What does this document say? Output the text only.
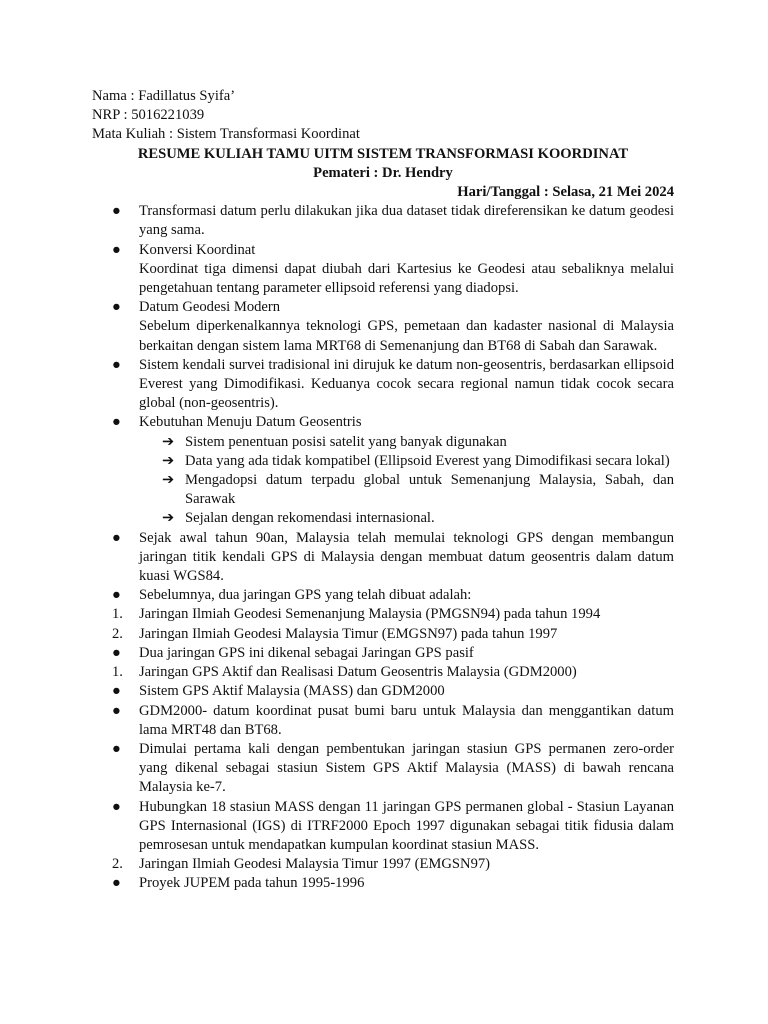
Nama : Fadillatus Syifa’
NRP : 5016221039
Mata Kuliah : Sistem Transformasi Koordinat
RESUME KULIAH TAMU UITM SISTEM TRANSFORMASI KOORDINAT
Pemateri : Dr. Hendry
Hari/Tanggal : Selasa, 21 Mei 2024
●	Transformasi datum perlu dilakukan jika dua dataset tidak direferensikan ke datum geodesi yang sama.
●	Konversi Koordinat
Koordinat tiga dimensi dapat diubah dari Kartesius ke Geodesi atau sebaliknya melalui pengetahuan tentang parameter ellipsoid referensi yang diadopsi.
●	Datum Geodesi Modern
Sebelum diperkenalkannya teknologi GPS, pemetaan dan kadaster nasional di Malaysia berkaitan dengan sistem lama MRT68 di Semenanjung dan BT68 di Sabah dan Sarawak.
●	Sistem kendali survei tradisional ini dirujuk ke datum non-geosentris, berdasarkan ellipsoid Everest yang Dimodifikasi. Keduanya cocok secara regional namun tidak cocok secara global (non-geosentris).
●	Kebutuhan Menuju Datum Geosentris
➔ Sistem penentuan posisi satelit yang banyak digunakan
➔ Data yang ada tidak kompatibel (Ellipsoid Everest yang Dimodifikasi secara lokal)
➔ Mengadopsi datum terpadu global untuk Semenanjung Malaysia, Sabah, dan Sarawak
➔ Sejalan dengan rekomendasi internasional.
●	Sejak awal tahun 90an, Malaysia telah memulai teknologi GPS dengan membangun jaringan titik kendali GPS di Malaysia dengan membuat datum geosentris dalam datum kuasi WGS84.
●	Sebelumnya, dua jaringan GPS yang telah dibuat adalah:
1.	Jaringan Ilmiah Geodesi Semenanjung Malaysia (PMGSN94) pada tahun 1994
2.	Jaringan Ilmiah Geodesi Malaysia Timur (EMGSN97) pada tahun 1997
●	Dua jaringan GPS ini dikenal sebagai Jaringan GPS pasif
1.	Jaringan GPS Aktif dan Realisasi Datum Geosentris Malaysia (GDM2000)
●	Sistem GPS Aktif Malaysia (MASS) dan GDM2000
●	GDM2000- datum koordinat pusat bumi baru untuk Malaysia dan menggantikan datum lama MRT48 dan BT68.
●	Dimulai pertama kali dengan pembentukan jaringan stasiun GPS permanen zero-order yang dikenal sebagai stasiun Sistem GPS Aktif Malaysia (MASS) di bawah rencana Malaysia ke-7.
●	Hubungkan 18 stasiun MASS dengan 11 jaringan GPS permanen global - Stasiun Layanan GPS Internasional (IGS) di ITRF2000 Epoch 1997 digunakan sebagai titik fidusia dalam pemrosesan untuk mendapatkan kumpulan koordinat stasiun MASS.
2.	Jaringan Ilmiah Geodesi Malaysia Timur 1997 (EMGSN97)
●	Proyek JUPEM pada tahun 1995-1996
